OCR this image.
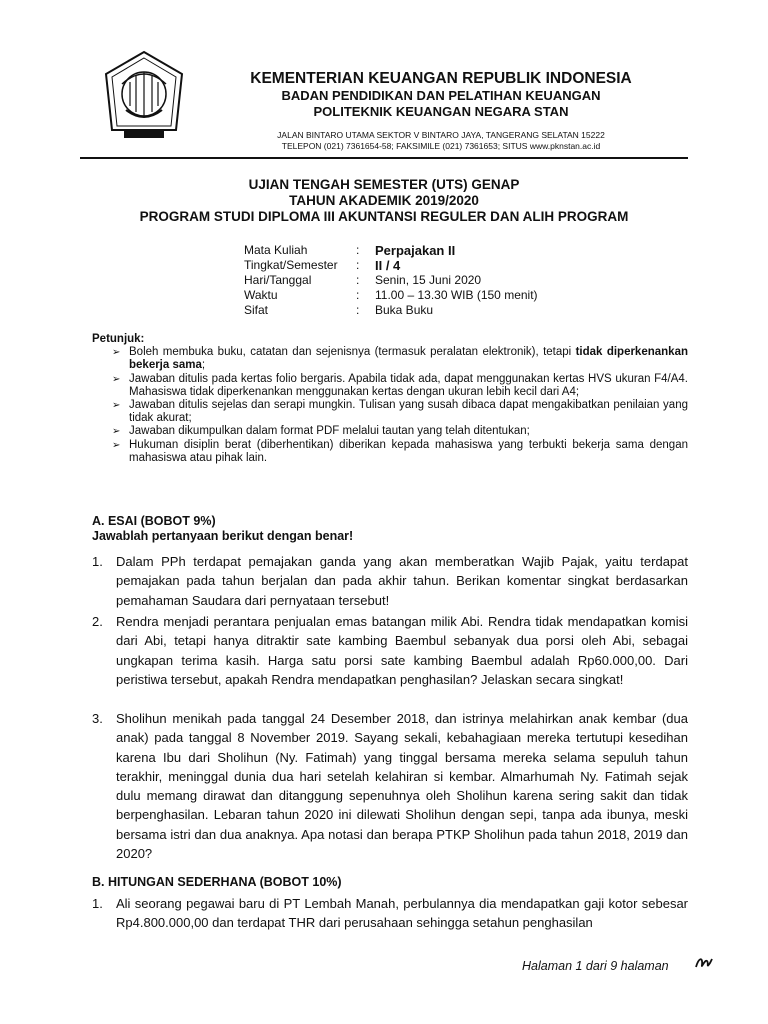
KEMENTERIAN KEUANGAN REPUBLIK INDONESIA
BADAN PENDIDIKAN DAN PELATIHAN KEUANGAN
POLITEKNIK KEUANGAN NEGARA STAN
JALAN BINTARO UTAMA SEKTOR V BINTARO JAYA, TANGERANG SELATAN 15222
TELEPON (021) 7361654-58; FAKSIMILE (021) 7361653; SITUS www.pknstan.ac.id
UJIAN TENGAH SEMESTER (UTS) GENAP
TAHUN AKADEMIK 2019/2020
PROGRAM STUDI DIPLOMA III AKUNTANSI REGULER DAN ALIH PROGRAM
Mata Kuliah	:	Perpajakan II
Tingkat/Semester	:	II / 4
Hari/Tanggal	:	Senin, 15 Juni 2020
Waktu	:	11.00 – 13.30 WIB (150 menit)
Sifat	:	Buka Buku
Petunjuk:
➢ Boleh membuka buku, catatan dan sejenisnya (termasuk peralatan elektronik), tetapi tidak diperkenankan bekerja sama;
➢ Jawaban ditulis pada kertas folio bergaris. Apabila tidak ada, dapat menggunakan kertas HVS ukuran F4/A4. Mahasiswa tidak diperkenankan menggunakan kertas dengan ukuran lebih kecil dari A4;
➢ Jawaban ditulis sejelas dan serapi mungkin. Tulisan yang susah dibaca dapat mengakibatkan penilaian yang tidak akurat;
➢ Jawaban dikumpulkan dalam format PDF melalui tautan yang telah ditentukan;
➢ Hukuman disiplin berat (diberhentikan) diberikan kepada mahasiswa yang terbukti bekerja sama dengan mahasiswa atau pihak lain.
A. ESAI (BOBOT 9%)
Jawablah pertanyaan berikut dengan benar!
1. Dalam PPh terdapat pemajakan ganda yang akan memberatkan Wajib Pajak, yaitu terdapat pemajakan pada tahun berjalan dan pada akhir tahun. Berikan komentar singkat berdasarkan pemahaman Saudara dari pernyataan tersebut!
2. Rendra menjadi perantara penjualan emas batangan milik Abi. Rendra tidak mendapatkan komisi dari Abi, tetapi hanya ditraktir sate kambing Baembul sebanyak dua porsi oleh Abi, sebagai ungkapan terima kasih. Harga satu porsi sate kambing Baembul adalah Rp60.000,00. Dari peristiwa tersebut, apakah Rendra mendapatkan penghasilan? Jelaskan secara singkat!
3. Sholihun menikah pada tanggal 24 Desember 2018, dan istrinya melahirkan anak kembar (dua anak) pada tanggal 8 November 2019. Sayang sekali, kebahagiaan mereka tertutupi kesedihan karena Ibu dari Sholihun (Ny. Fatimah) yang tinggal bersama mereka selama sepuluh tahun terakhir, meninggal dunia dua hari setelah kelahiran si kembar. Almarhumah Ny. Fatimah sejak dulu memang dirawat dan ditanggung sepenuhnya oleh Sholihun karena sering sakit dan tidak berpenghasilan. Lebaran tahun 2020 ini dilewati Sholihun dengan sepi, tanpa ada ibunya, meski bersama istri dan dua anaknya. Apa notasi dan berapa PTKP Sholihun pada tahun 2018, 2019 dan 2020?
B. HITUNGAN SEDERHANA (BOBOT 10%)
1. Ali seorang pegawai baru di PT Lembah Manah, perbulannya dia mendapatkan gaji kotor sebesar Rp4.800.000,00 dan terdapat THR dari perusahaan sehingga setahun penghasilan
Halaman 1 dari 9 halaman
